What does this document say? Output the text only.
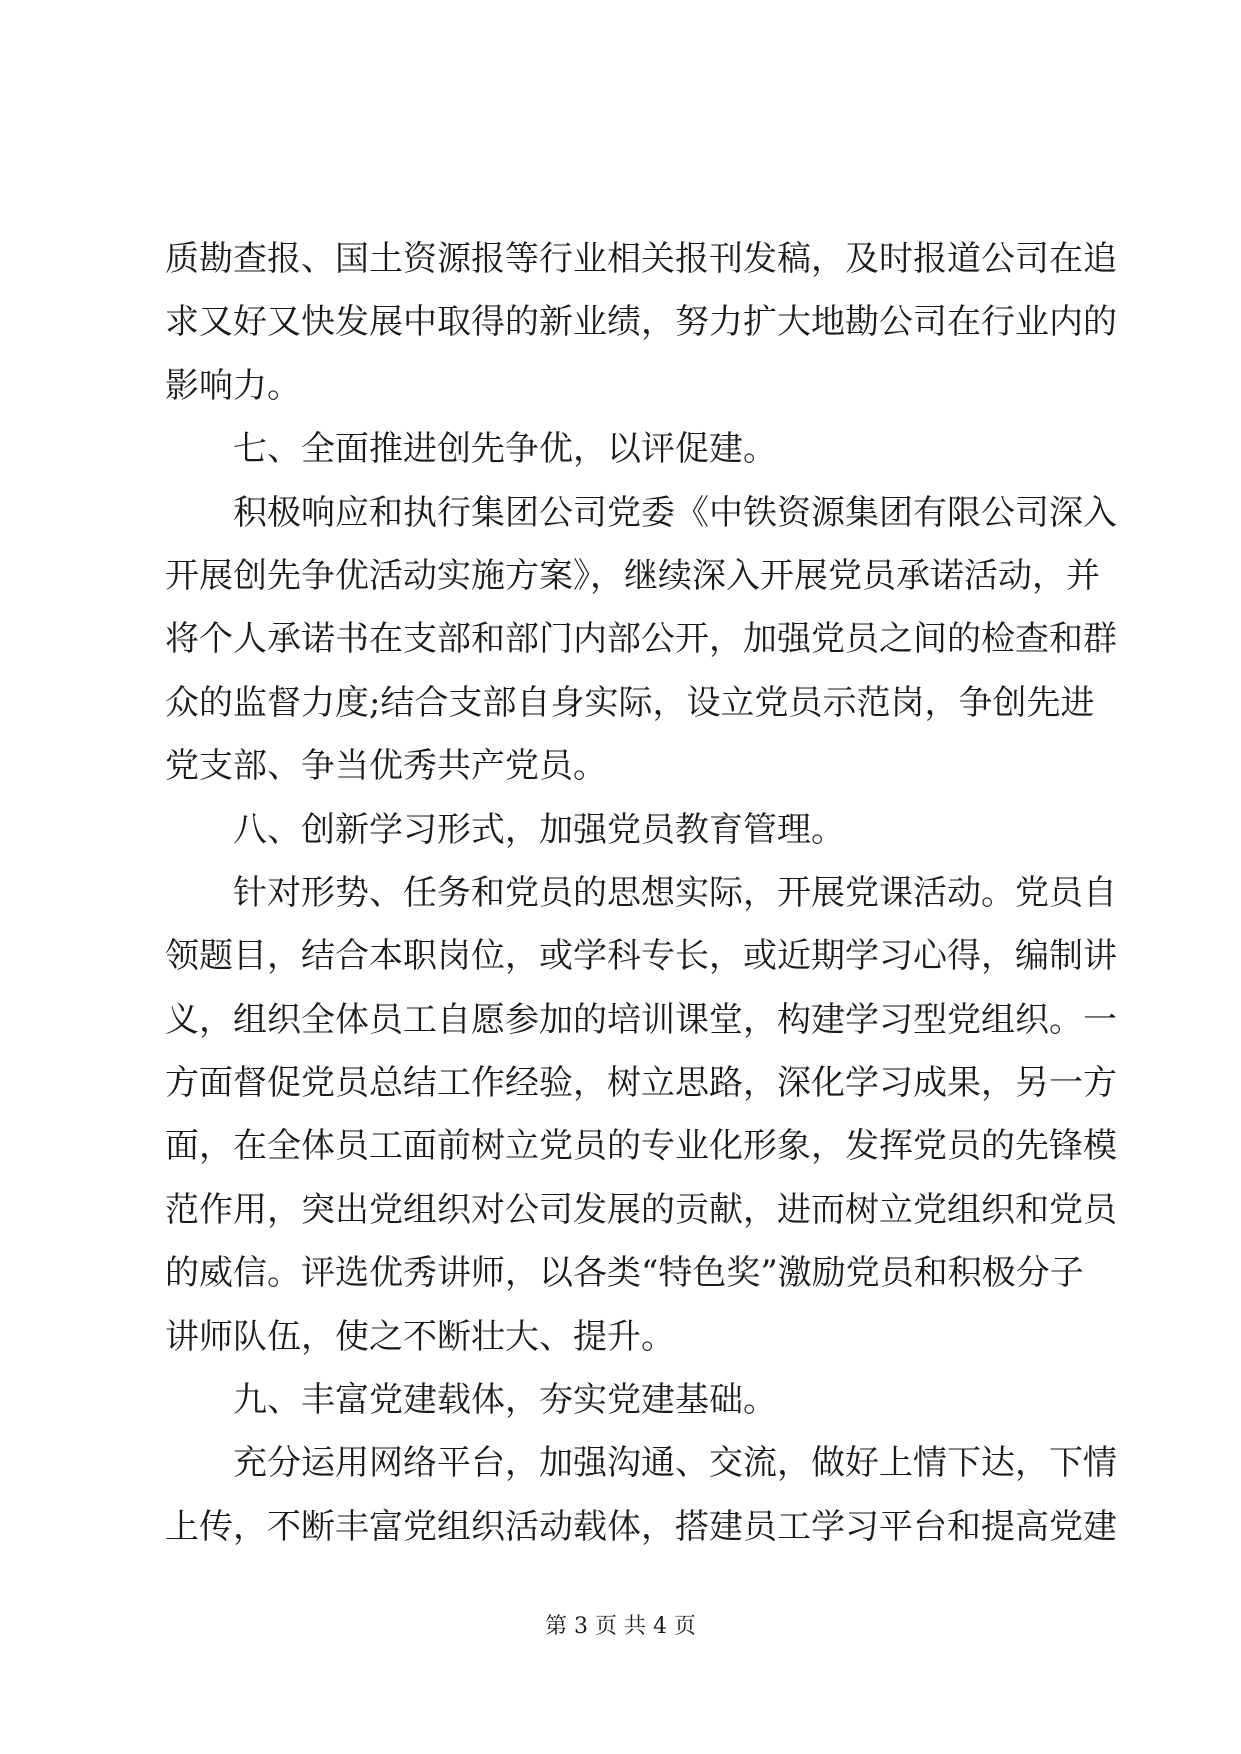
质勘查报、国土资源报等行业相关报刊发稿，及时报道公司在追
求又好又快发展中取得的新业绩，努力扩大地勘公司在行业内的
影响力。
七、全面推进创先争优，以评促建。
积极响应和执行集团公司党委《中铁资源集团有限公司深入
开展创先争优活动实施方案》，继续深入开展党员承诺活动，并
将个人承诺书在支部和部门内部公开，加强党员之间的检查和群
众的监督力度;结合支部自身实际，设立党员示范岗，争创先进
党支部、争当优秀共产党员。
八、创新学习形式，加强党员教育管理。
针对形势、任务和党员的思想实际，开展党课活动。党员自
领题目，结合本职岗位，或学科专长，或近期学习心得，编制讲
义，组织全体员工自愿参加的培训课堂，构建学习型党组织。一
方面督促党员总结工作经验，树立思路，深化学习成果，另一方
面，在全体员工面前树立党员的专业化形象，发挥党员的先锋模
范作用，突出党组织对公司发展的贡献，进而树立党组织和党员
的威信。评选优秀讲师，以各类“特色奖”激励党员和积极分子
讲师队伍，使之不断壮大、提升。
九、丰富党建载体，夯实党建基础。
充分运用网络平台，加强沟通、交流，做好上情下达，下情
上传，不断丰富党组织活动载体，搭建员工学习平台和提高党建
第 3 页 共 4 页
